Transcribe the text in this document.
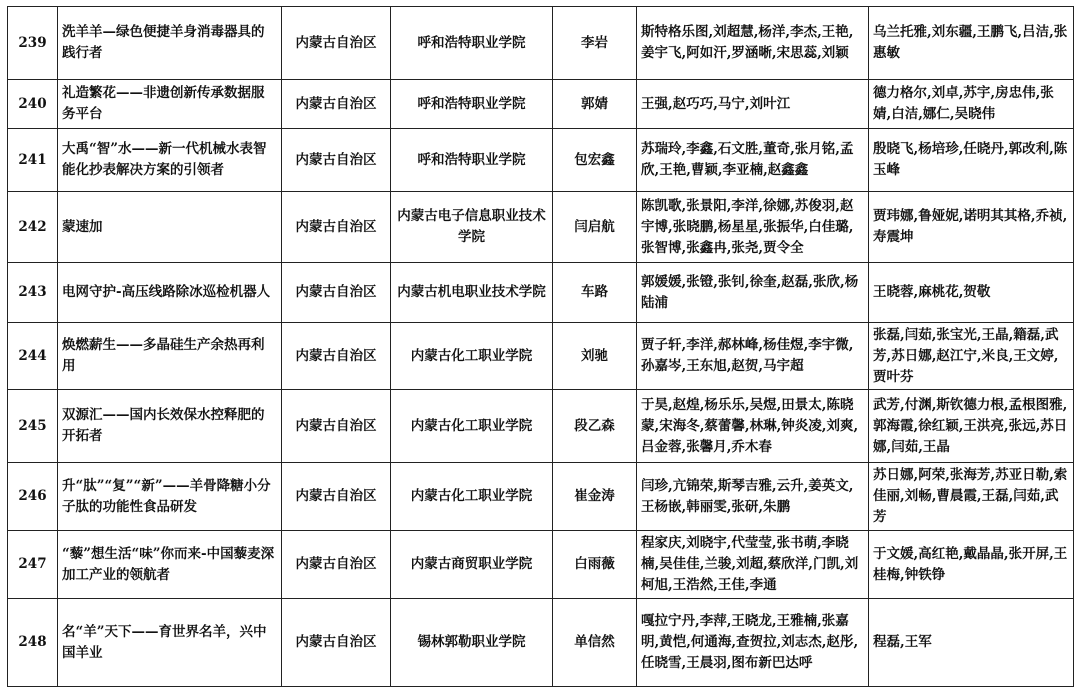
239	洗羊羊—绿色便捷羊身消毒器具的践行者	内蒙古自治区	呼和浩特职业学院	李岩	斯特格乐图,刘超慧,杨洋,李杰,王艳,姜宇飞,阿如汗,罗涵晰,宋思蕊,刘颖	乌兰托雅,刘东疆,王鹏飞,吕洁,张惠敏
240	礼造繁花——非遗创新传承数据服务平台	内蒙古自治区	呼和浩特职业学院	郭婧	王强,赵巧巧,马宁,刘叶江	德力格尔,刘卓,苏宇,房忠伟,张婧,白洁,娜仁,吴晓伟
241	大禹“智”水——新一代机械水表智能化抄表解决方案的引领者	内蒙古自治区	呼和浩特职业学院	包宏鑫	苏瑞玲,李鑫,石文胜,董奇,张月铭,孟欣,王艳,曹颖,李亚楠,赵鑫鑫	殷晓飞,杨培珍,任晓丹,郭改利,陈玉峰
242	蒙速加	内蒙古自治区	内蒙古电子信息职业技术学院	闫启航	陈凯歌,张景阳,李洋,徐娜,苏俊羽,赵宇博,张晓鹏,杨星星,张振华,白佳璐,张智博,张鑫冉,张尧,贾令全	贾玮娜,鲁娅妮,诺明其其格,乔祯,寿震坤
243	电网守护-高压线路除冰巡检机器人	内蒙古自治区	内蒙古机电职业技术学院	车路	郭媛媛,张镫,张钊,徐奎,赵磊,张欣,杨陆浦	王晓蓉,麻桃花,贺敬
244	焕燃薪生——多晶硅生产余热再利用	内蒙古自治区	内蒙古化工职业学院	刘驰	贾子轩,李洋,郝林峰,杨佳煜,李宇微,孙嘉岑,王东旭,赵贺,马宇超	张磊,闫茹,张宝光,王晶,籍磊,武芳,苏日娜,赵江宁,米良,王文婷,贾叶芬
245	双源汇——国内长效保水控释肥的开拓者	内蒙古自治区	内蒙古化工职业学院	段乙森	于昊,赵煌,杨乐乐,吴煜,田景太,陈晓蒙,宋海冬,蔡蕾馨,林琳,钟炎凌,刘爽,吕金蓉,张馨月,乔木春	武芳,付渊,斯钦德力根,孟根图雅,郭海霞,徐红颖,王洪亮,张远,苏日娜,闫茹,王晶
246	升“肽”“复”“新”——羊骨降糖小分子肽的功能性食品研发	内蒙古自治区	内蒙古化工职业学院	崔金涛	闫珍,亢锦荣,斯琴吉雅,云升,姜英文,王杨嵌,韩丽雯,张研,朱鹏	苏日娜,阿荣,张海芳,苏亚日勒,索佳丽,刘畅,曹晨霞,王磊,闫茹,武芳
247	“藜”想生活“味”你而来-中国藜麦深加工产业的领航者	内蒙古自治区	内蒙古商贸职业学院	白雨薇	程家庆,刘晓宇,代莹莹,张书萌,李晓楠,吴佳佳,兰骏,刘超,蔡欣洋,门凯,刘柯旭,王浩然,王佳,李通	于文媛,高红艳,戴晶晶,张开屏,王桂梅,钟铁铮
248	名“羊”天下——育世界名羊，兴中国羊业	内蒙古自治区	锡林郭勒职业学院	单信然	嘎拉宁丹,李萍,王晓龙,王雅楠,张嘉明,黄恺,何通海,查贺拉,刘志杰,赵彤,任晓雪,王晨羽,图布新巴达呼	程磊,王军
